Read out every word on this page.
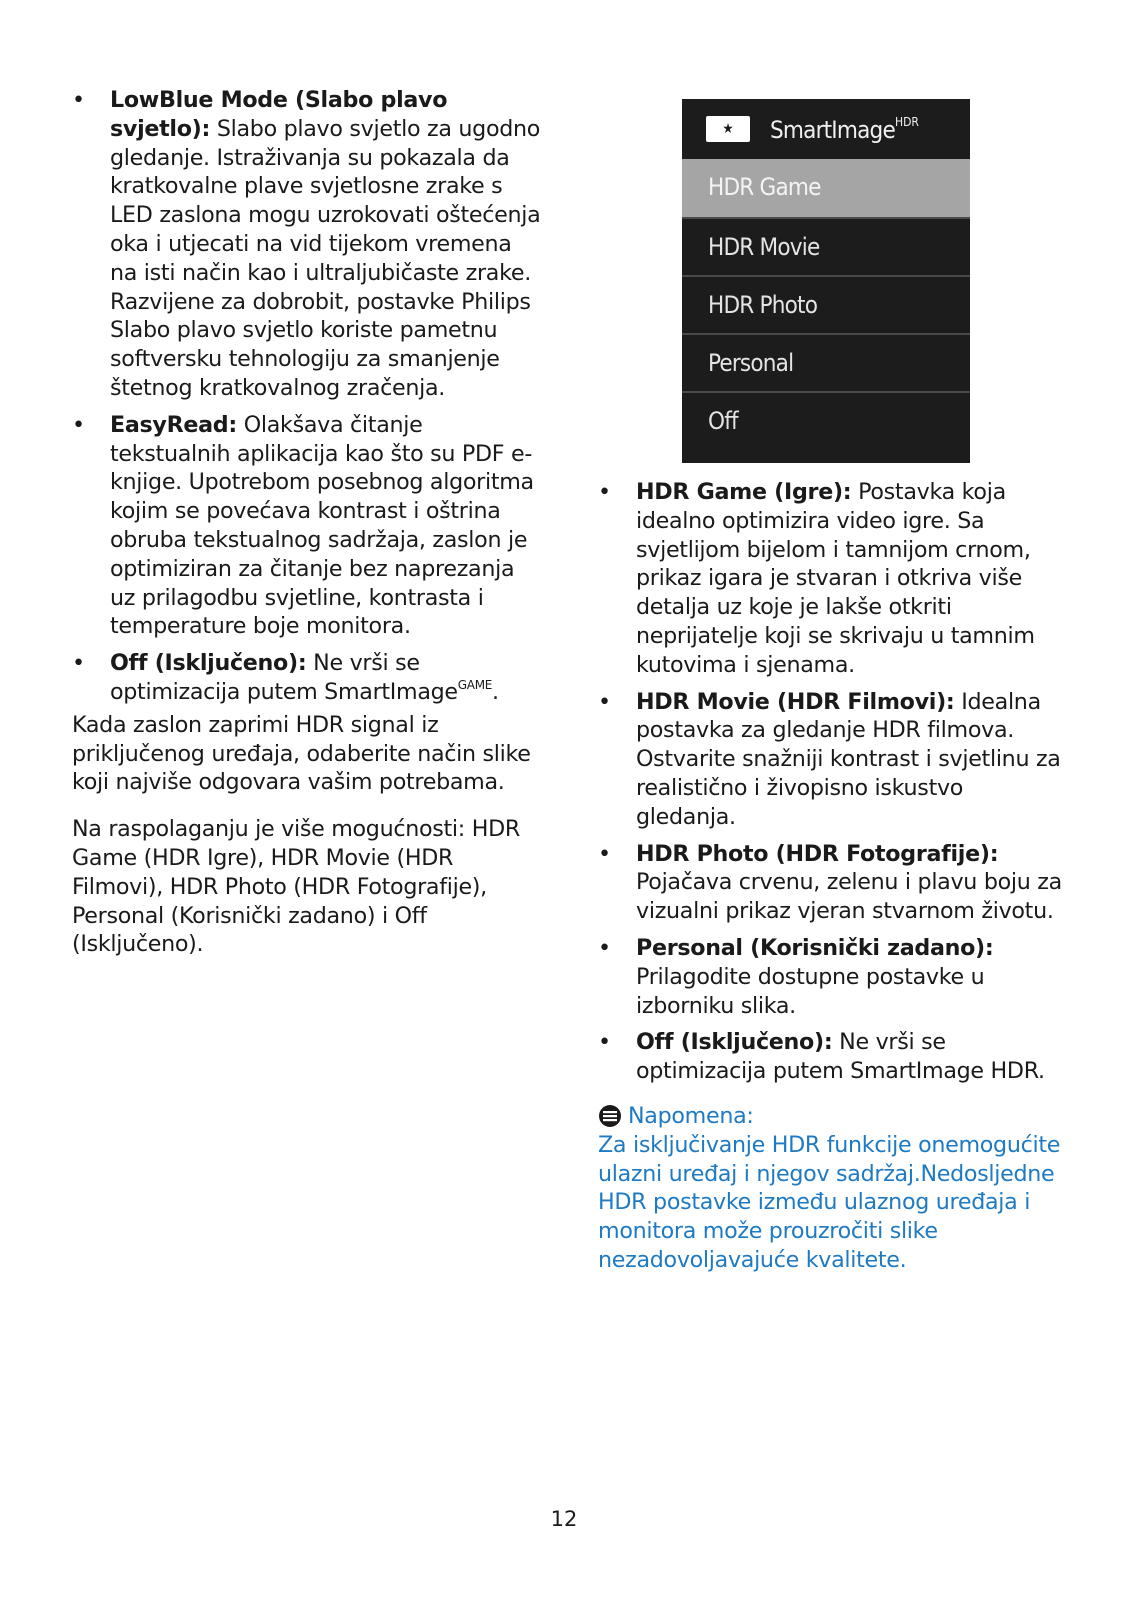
• LowBlue Mode (Slabo plavo svjetlo): Slabo plavo svjetlo za ugodno gledanje. Istraživanja su pokazala da kratkovalne plave svjetlosne zrake s LED zaslona mogu uzrokovati oštećenja oka i utjecati na vid tijekom vremena na isti način kao i ultraljubičaste zrake. Razvijene za dobrobit, postavke Philips Slabo plavo svjetlo koriste pametnu softversku tehnologiju za smanjenje štetnog kratkovalnog zračenja.
• EasyRead: Olakšava čitanje tekstualnih aplikacija kao što su PDF e-knjige. Upotrebom posebnog algoritma kojim se povećava kontrast i oštrina obruba tekstualnog sadržaja, zaslon je optimiziran za čitanje bez naprezanja uz prilagodbu svjetline, kontrasta i temperature boje monitora.
• Off (Isključeno): Ne vrši se optimizacija putem SmartImage$^{GAME}$.
Kada zaslon zaprimi HDR signal iz priključenog uređaja, odaberite način slike koji najviše odgovara vašim potrebama.
Na raspolaganju je više mogućnosti: HDR Game (HDR Igre), HDR Movie (HDR Filmovi), HDR Photo (HDR Fotografije), Personal (Korisnički zadano) i Off (Isključeno).
★	SmartImage$^{HDR}$
HDR Game
HDR Movie
HDR Photo
Personal
Off
• HDR Game (Igre): Postavka koja idealno optimizira video igre. Sa svjetlijom bijelom i tamnijom crnom, prikaz igara je stvaran i otkriva više detalja uz koje je lakše otkriti neprijatelje koji se skrivaju u tamnim kutovima i sjenama.
• HDR Movie (HDR Filmovi): Idealna postavka za gledanje HDR filmova. Ostvarite snažniji kontrast i svjetlinu za realistično i živopisno iskustvo gledanja.
• HDR Photo (HDR Fotografije): Pojačava crvenu, zelenu i plavu boju za vizualni prikaz vjeran stvarnom životu.
• Personal (Korisnički zadano): Prilagodite dostupne postavke u izborniku slika.
• Off (Isključeno): Ne vrši se optimizacija putem SmartImage HDR.
Napomena:
Za isključivanje HDR funkcije onemogućite ulazni uređaj i njegov sadržaj.Nedosljedne HDR postavke između ulaznog uređaja i monitora može prouzročiti slike nezadovoljavajuće kvalitete.
12
